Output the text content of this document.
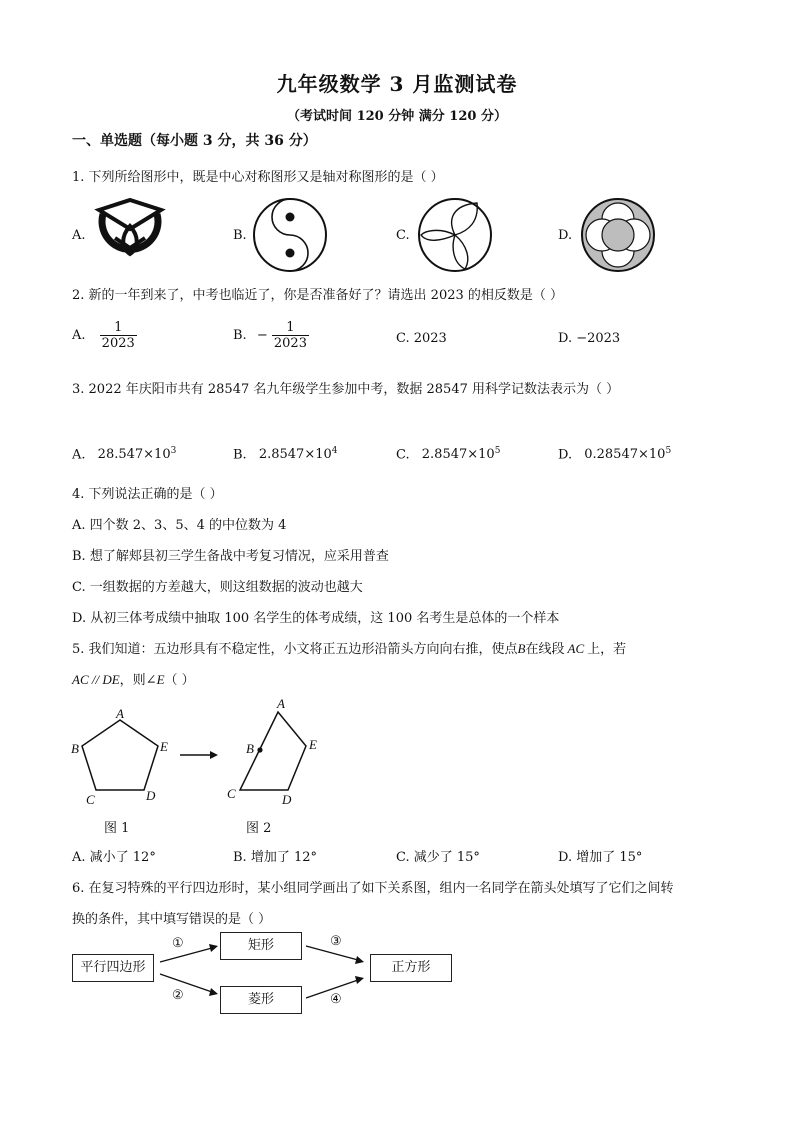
九年级数学 3 月监测试卷
（考试时间 120 分钟 满分 120 分）
一、单选题（每小题 3 分，共 36 分）
1. 下列所给图形中，既是中心对称图形又是轴对称图形的是（ ）
A.	B.	C.	D.
2. 新的一年到来了，中考也临近了，你是否准备好了？请选出 2023 的相反数是（ ）
A. $\frac{1}{2023}$	B. − $\frac{1}{2023}$	C. 2023	D. −2023
3. 2022 年庆阳市共有 28547 名九年级学生参加中考，数据 28547 用科学记数法表示为（ ）
A. $28.547\times 10^3$	B. $2.8547\times 10^4$	C. $2.8547\times 10^5$	D. $0.28547\times 10^5$
4. 下列说法正确的是（ ）
A. 四个数 2、3、5、4 的中位数为 4
B. 想了解郏县初三学生备战中考复习情况，应采用普查
C. 一组数据的方差越大，则这组数据的波动也越大
D. 从初三体考成绩中抽取 100 名学生的体考成绩，这 100 名考生是总体的一个样本
5. 我们知道：五边形具有不稳定性，小文将正五边形沿箭头方向向右推，使点B在线段 AC 上，若
AC // DE，则∠E（ ）
A
B	E
C	D
图 1
A
B	E
C	D
图 2
A. 减小了 12°	B. 增加了 12°	C. 减少了 15°	D. 增加了 15°
6. 在复习特殊的平行四边形时，某小组同学画出了如下关系图，组内一名同学在箭头处填写了它们之间转
换的条件，其中填写错误的是（ ）
平行四边形
矩形
菱形
正方形
①
②
③
④
